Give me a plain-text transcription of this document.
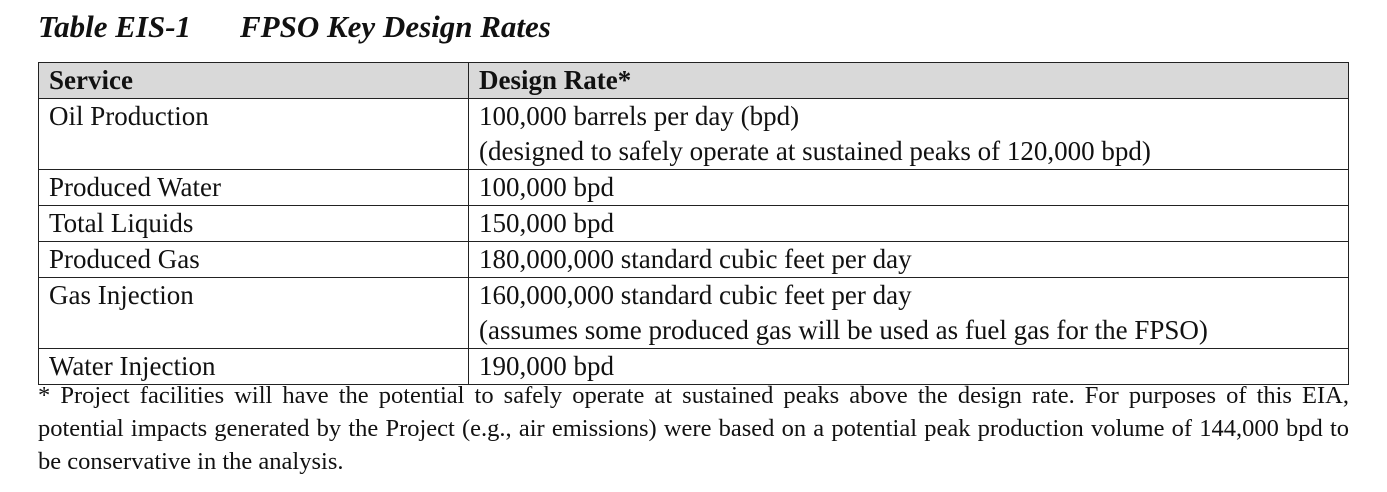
Table EIS-1 FPSO Key Design Rates
Service	Design Rate*
Oil Production	100,000 barrels per day (bpd)
(designed to safely operate at sustained peaks of 120,000 bpd)

Produced Water	100,000 bpd

Total Liquids	150,000 bpd

Produced Gas	180,000,000 standard cubic feet per day

Gas Injection	160,000,000 standard cubic feet per day
(assumes some produced gas will be used as fuel gas for the FPSO)

Water Injection	190,000 bpd
* Project facilities will have the potential to safely operate at sustained peaks above the design rate. For purposes of this EIA, potential impacts generated by the Project (e.g., air emissions) were based on a potential peak production volume of 144,000 bpd to be conservative in the analysis.
